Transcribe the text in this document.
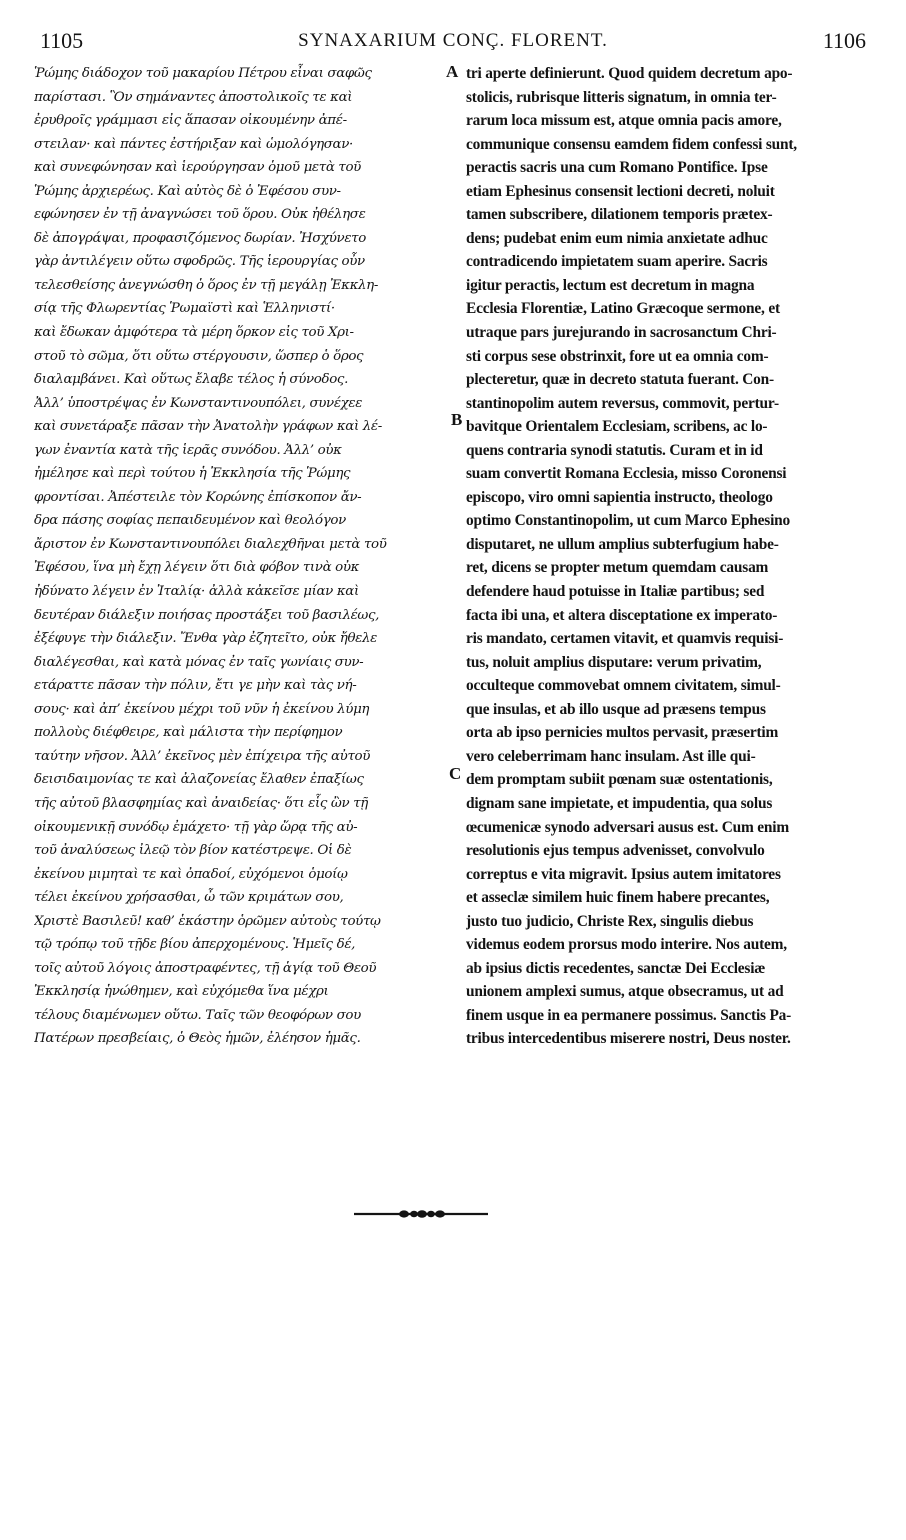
1105	SYNAXARIUM CONÇ. FLORENT.	1106
Ῥώμης διάδοχον τοῦ μακαρίου Πέτρου εἶναι σαφῶς
παρίστασι. Ὃν σημάναντες ἀποστολικοῖς τε καὶ
ἐρυθροῖς γράμμασι εἰς ἅπασαν οἰκουμένην ἀπέ-
στειλαν· καὶ πάντες ἐστήριξαν καὶ ὡμολόγησαν·
καὶ συνεφώνησαν καὶ ἱερούργησαν ὁμοῦ μετὰ τοῦ
Ῥώμης ἀρχιερέως. Καὶ αὐτὸς δὲ ὁ Ἐφέσου συν-
εφώνησεν ἐν τῇ ἀναγνώσει τοῦ ὅρου. Οὐκ ἠθέλησε
δὲ ἀπογράψαι, προφασιζόμενος δωρίαν. Ἠσχύνετο
γὰρ ἀντιλέγειν οὕτω σφοδρῶς. Τῆς ἱερουργίας οὖν
τελεσθείσης ἀνεγνώσθη ὁ ὅρος ἐν τῇ μεγάλῃ Ἐκκλη-
σίᾳ τῆς Φλωρεντίας Ῥωμαϊστὶ καὶ Ἑλληνιστί·
καὶ ἔδωκαν ἀμφότερα τὰ μέρη ὅρκον εἰς τοῦ Χρι-
στοῦ τὸ σῶμα, ὅτι οὕτω στέργουσιν, ὥσπερ ὁ ὅρος
διαλαμβάνει. Καὶ οὕτως ἔλαβε τέλος ἡ σύνοδος.
Ἀλλ’ ὑποστρέψας ἐν Κωνσταντινουπόλει, συνέχεε
καὶ συνετάραξε πᾶσαν τὴν Ἀνατολὴν γράφων καὶ λέ-
γων ἐναντία κατὰ τῆς ἱερᾶς συνόδου. Ἀλλ’ οὐκ
ἠμέλησε καὶ περὶ τούτου ἡ Ἐκκλησία τῆς Ῥώμης
φροντίσαι. Ἀπέστειλε τὸν Κορώνης ἐπίσκοπον ἄν-
δρα πάσης σοφίας πεπαιδευμένον καὶ θεολόγον
ἄριστον ἐν Κωνσταντινουπόλει διαλεχθῆναι μετὰ τοῦ
Ἐφέσου, ἵνα μὴ ἔχῃ λέγειν ὅτι διὰ φόβον τινὰ οὐκ
ἠδύνατο λέγειν ἐν Ἰταλίᾳ· ἀλλὰ κἀκεῖσε μίαν καὶ
δευτέραν διάλεξιν ποιήσας προστάξει τοῦ βασιλέως,
ἐξέφυγε τὴν διάλεξιν. Ἔνθα γὰρ ἐζητεῖτο, οὐκ ἤθελε
διαλέγεσθαι, καὶ κατὰ μόνας ἐν ταῖς γωνίαις συν-
ετάραττε πᾶσαν τὴν πόλιν, ἔτι γε μὴν καὶ τὰς νή-
σους· καὶ ἀπ’ ἐκείνου μέχρι τοῦ νῦν ἡ ἐκείνου λύμη
πολλοὺς διέφθειρε, καὶ μάλιστα τὴν περίφημον
ταύτην νῆσον. Ἀλλ’ ἐκεῖνος μὲν ἐπίχειρα τῆς αὐτοῦ
δεισιδαιμονίας τε καὶ ἀλαζονείας ἔλαθεν ἐπαξίως
τῆς αὐτοῦ βλασφημίας καὶ ἀναιδείας· ὅτι εἷς ὢν τῇ
οἰκουμενικῇ συνόδῳ ἐμάχετο· τῇ γὰρ ὥρᾳ τῆς αὐ-
τοῦ ἀναλύσεως ἰλεῷ τὸν βίον κατέστρεψε. Οἱ δὲ
ἐκείνου μιμηταὶ τε καὶ ὀπαδοί, εὐχόμενοι ὁμοίῳ
τέλει ἐκείνου χρήσασθαι, ὦ τῶν κριμάτων σου,
Χριστὲ Βασιλεῦ! καθ’ ἑκάστην ὁρῶμεν αὐτοὺς τούτῳ
τῷ τρόπῳ τοῦ τῇδε βίου ἀπερχομένους. Ἡμεῖς δέ,
τοῖς αὐτοῦ λόγοις ἀποστραφέντες, τῇ ἁγίᾳ τοῦ Θεοῦ
Ἐκκλησίᾳ ἡνώθημεν, καὶ εὐχόμεθα ἵνα μέχρι
τέλους διαμένωμεν οὕτω. Ταῖς τῶν θεοφόρων σου
Πατέρων πρεσβείαις, ὁ Θεὸς ἡμῶν, ἐλέησον ἡμᾶς.
tri aperte definierunt. Quod quidem decretum apo-
stolicis, rubrisque litteris signatum, in omnia ter-
rarum loca missum est, atque omnia pacis amore,
communique consensu eamdem fidem confessi sunt,
peractis sacris una cum Romano Pontifice. Ipse
etiam Ephesinus consensit lectioni decreti, noluit
tamen subscribere, dilationem temporis prætex-
dens; pudebat enim eum nimia anxietate adhuc
contradicendo impietatem suam aperire. Sacris
igitur peractis, lectum est decretum in magna
Ecclesia Florentiæ, Latino Græcoque sermone, et
utraque pars jurejurando in sacrosanctum Chri-
sti corpus sese obstrinxit, fore ut ea omnia com-
plecteretur, quæ in decreto statuta fuerant. Con-
stantinopolim autem reversus, commovit, pertur-
bavitque Orientalem Ecclesiam, scribens, ac lo-
quens contraria synodi statutis. Curam et in id
suam convertit Romana Ecclesia, misso Coronensi
episcopo, viro omni sapientia instructo, theologo
optimo Constantinopolim, ut cum Marco Ephesino
disputaret, ne ullum amplius subterfugium habe-
ret, dicens se propter metum quemdam causam
defendere haud potuisse in Italiæ partibus; sed
facta ibi una, et altera disceptatione ex imperato-
ris mandato, certamen vitavit, et quamvis requisi-
tus, noluit amplius disputare: verum privatim,
occulteque commovebat omnem civitatem, simul-
que insulas, et ab illo usque ad præsens tempus
orta ab ipso pernicies multos pervasit, præsertim
vero celeberrimam hanc insulam. Ast ille qui-
dem promptam subiit pœnam suæ ostentationis,
dignam sane impietate, et impudentia, qua solus
œcumenicæ synodo adversari ausus est. Cum enim
resolutionis ejus tempus advenisset, convolvulo
correptus e vita migravit. Ipsius autem imitatores
et asseclæ similem huic finem habere precantes,
justo tuo judicio, Christe Rex, singulis diebus
videmus eodem prorsus modo interire. Nos autem,
ab ipsius dictis recedentes, sanctæ Dei Ecclesiæ
unionem amplexi sumus, atque obsecramus, ut ad
finem usque in ea permanere possimus. Sanctis Pa-
tribus intercedentibus miserere nostri, Deus noster.
A
B
C
